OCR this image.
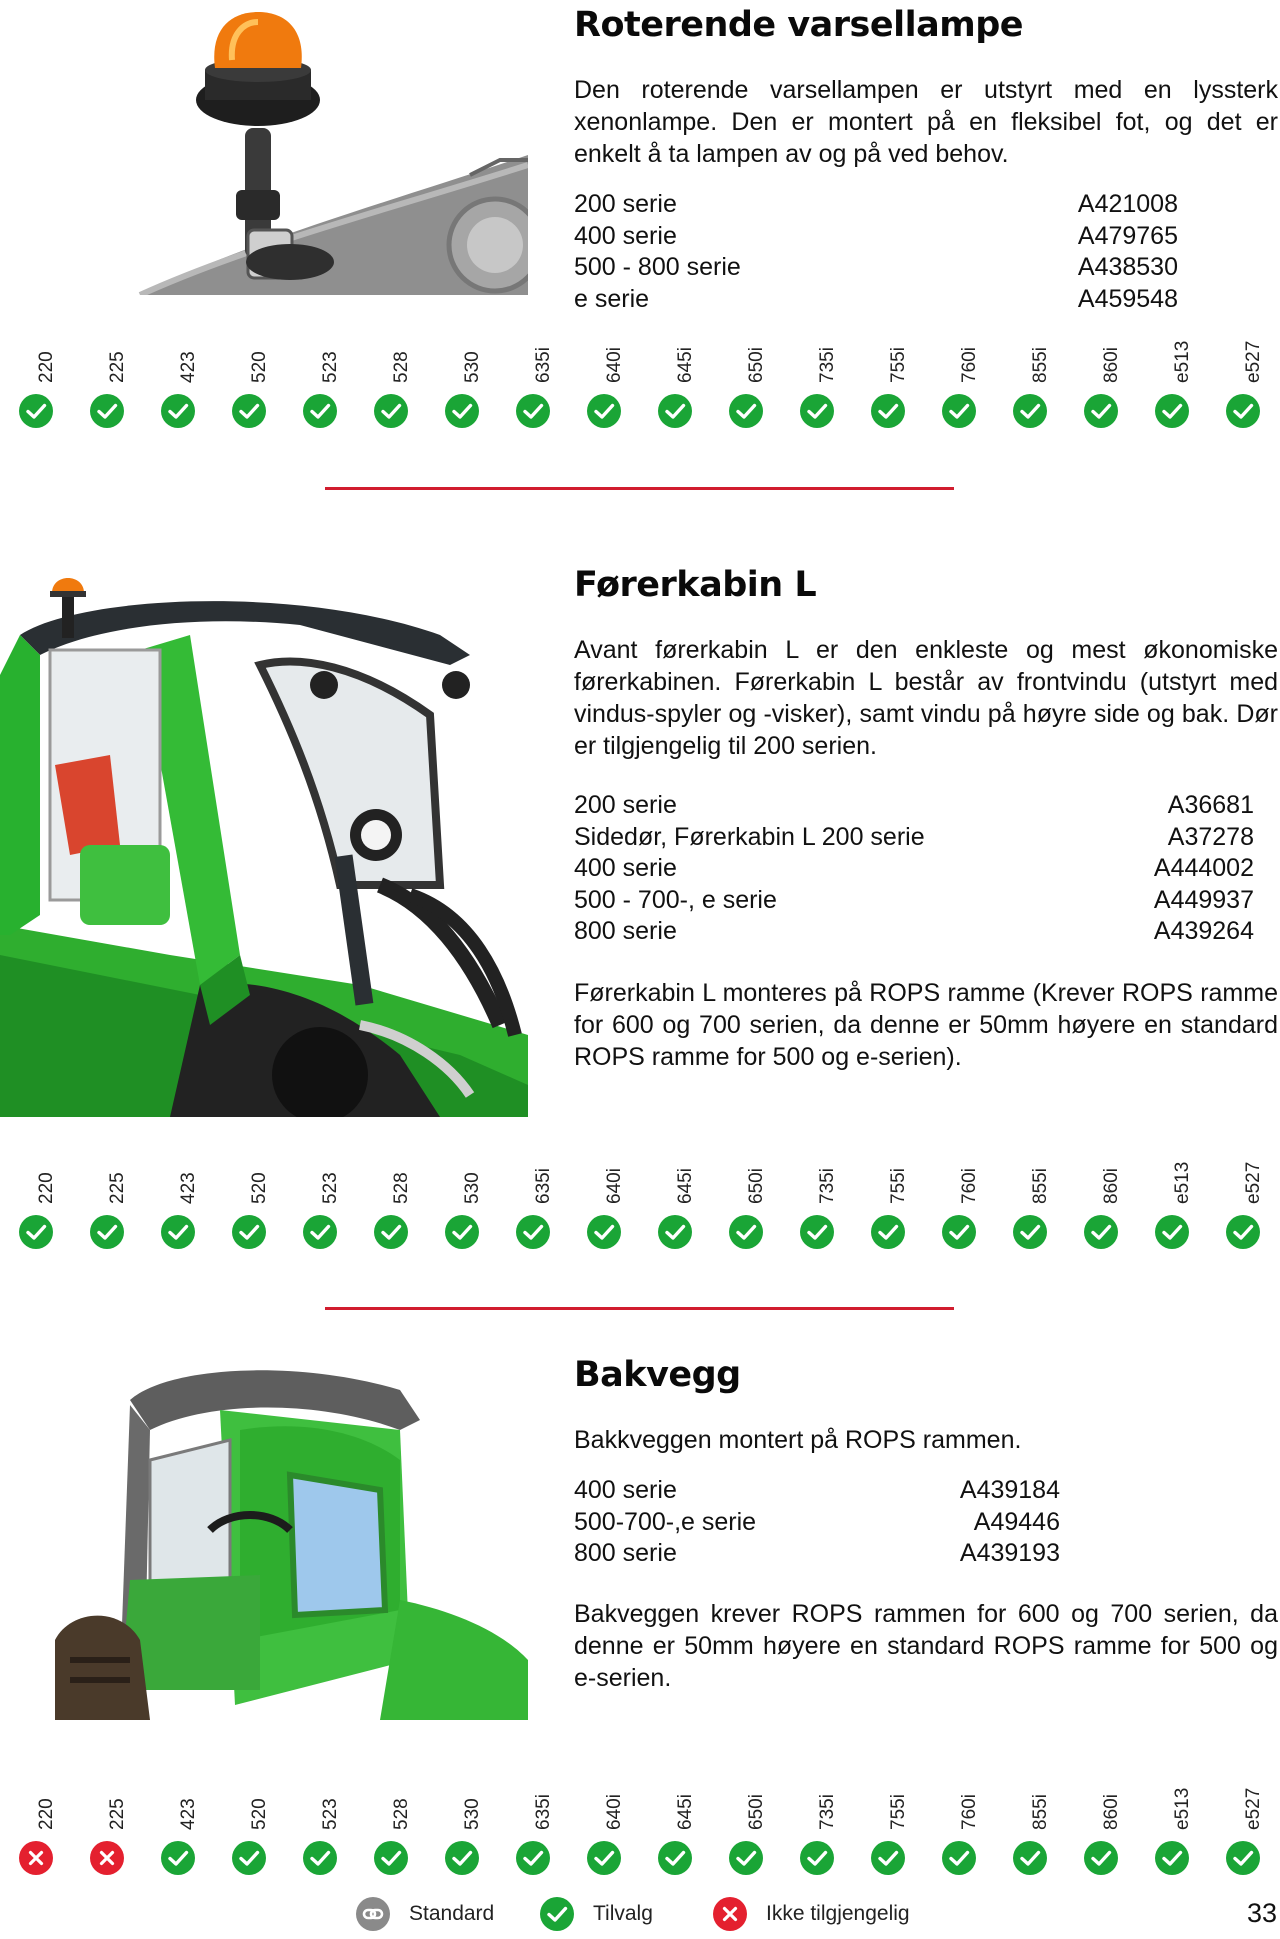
Roterende varsellampe

Den roterende varsellampen er utstyrt med en lyssterk xenonlampe. Den er montert på en fleksibel fot, og det er enkelt å ta lampen av og på ved behov.

200 serie	A421008
400 serie	A479765
500 - 800 serie	A438530
e serie	A459548
220	225	423	520	523	528	530	635i	640i	645i	650i	735i	755i	760i	855i	860i	e513	e527
Førerkabin L

Avant førerkabin L er den enkleste og mest økonomiske førerkabinen. Førerkabin L består av frontvindu (utstyrt med vindus-spyler og -visker), samt vindu på høyre side og bak. Dør er tilgjengelig til 200 serien.

200 serie	A36681
Sidedør, Førerkabin L 200 serie	A37278
400 serie	A444002
500 - 700-, e serie	A449937
800 serie	A439264

Førerkabin L monteres på ROPS ramme (Krever ROPS ramme for 600 og 700 serien, da denne er 50mm høyere en standard ROPS ramme for 500 og e-serien).

220	225	423	520	523	528	530	635i	640i	645i	650i	735i	755i	760i	855i	860i	e513	e527
Bakvegg

Bakkveggen montert på ROPS rammen.

400 serie	A439184
500-700-,e serie	A49446
800 serie	A439193

Bakveggen krever ROPS rammen for 600 og 700 serien, da denne er 50mm høyere en standard ROPS ramme for 500 og e-serien.

220	225	423	520	523	528	530	635i	640i	645i	650i	735i	755i	760i	855i	860i	e513	e527
Standard	Tilvalg	Ikke tilgjengelig	33
